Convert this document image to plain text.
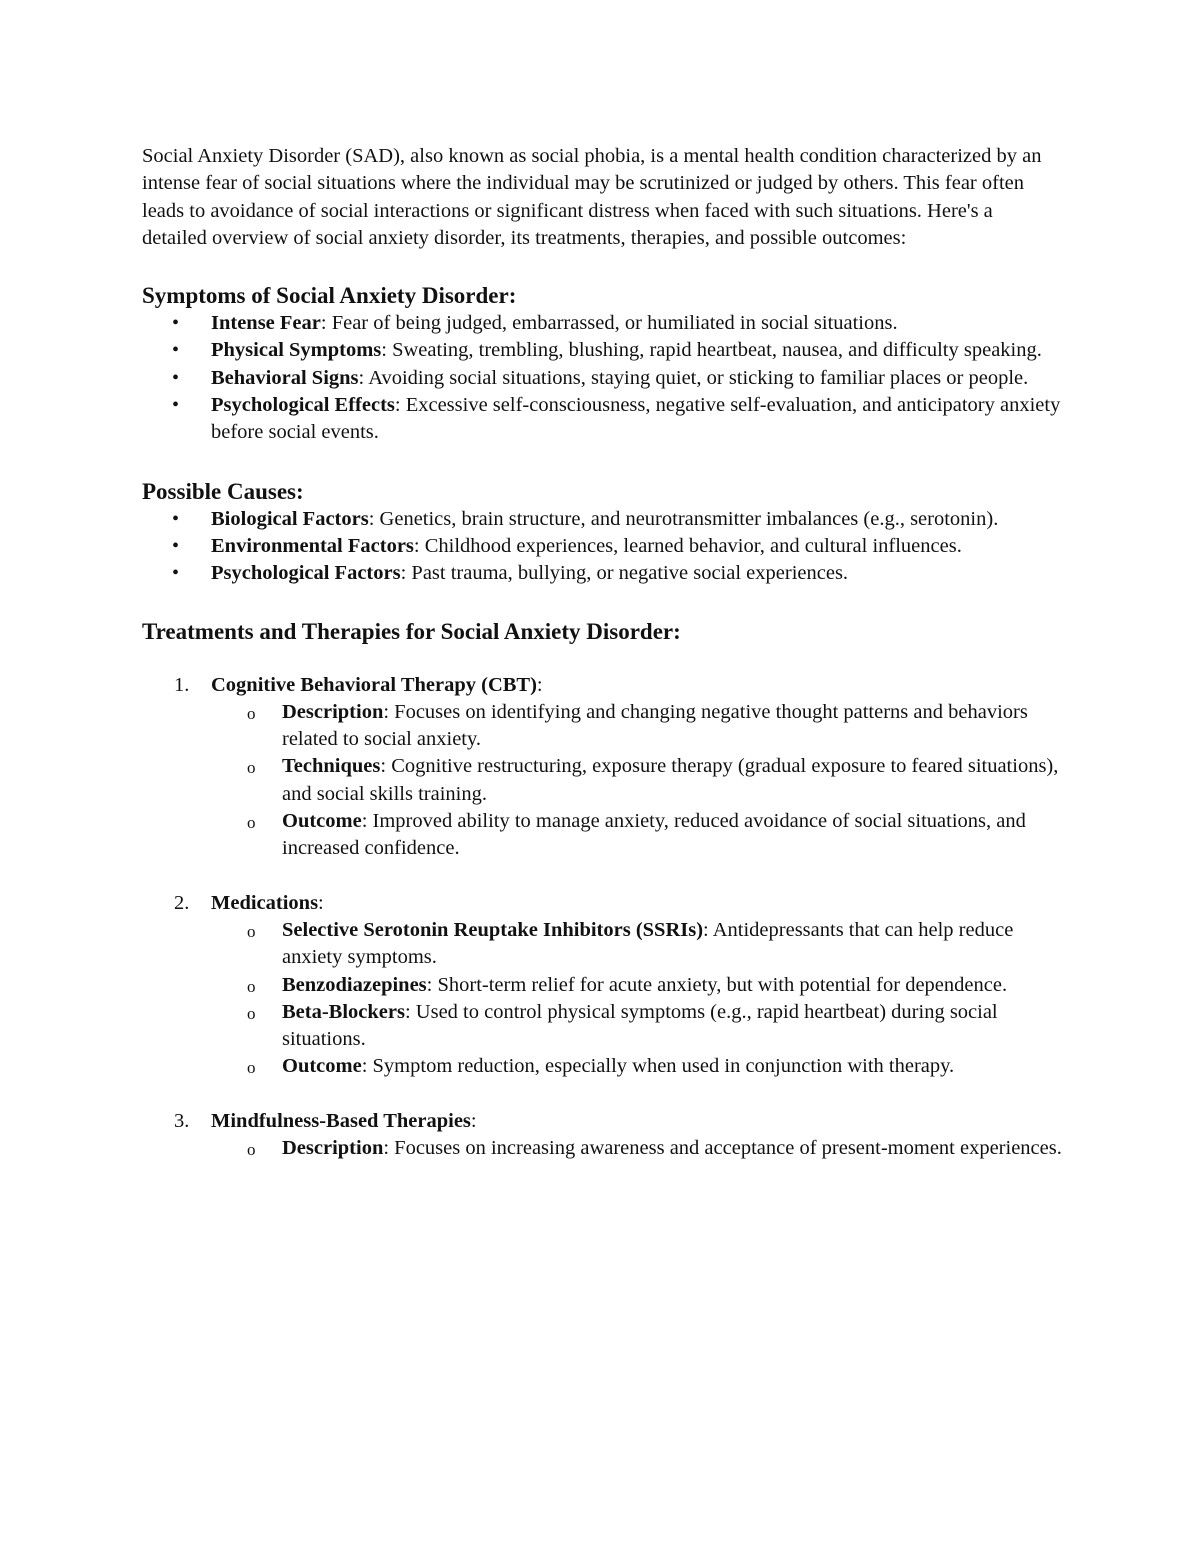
Social Anxiety Disorder (SAD), also known as social phobia, is a mental health condition characterized by an intense fear of social situations where the individual may be scrutinized or judged by others. This fear often leads to avoidance of social interactions or significant distress when faced with such situations. Here's a detailed overview of social anxiety disorder, its treatments, therapies, and possible outcomes:

Symptoms of Social Anxiety Disorder:
• Intense Fear: Fear of being judged, embarrassed, or humiliated in social situations.
• Physical Symptoms: Sweating, trembling, blushing, rapid heartbeat, nausea, and difficulty speaking.
• Behavioral Signs: Avoiding social situations, staying quiet, or sticking to familiar places or people.
• Psychological Effects: Excessive self-consciousness, negative self-evaluation, and anticipatory anxiety before social events.
Possible Causes:
• Biological Factors: Genetics, brain structure, and neurotransmitter imbalances (e.g., serotonin).
• Environmental Factors: Childhood experiences, learned behavior, and cultural influences.
• Psychological Factors: Past trauma, bullying, or negative social experiences.
Treatments and Therapies for Social Anxiety Disorder:
1. Cognitive Behavioral Therapy (CBT):
o Description: Focuses on identifying and changing negative thought patterns and behaviors related to social anxiety.
o Techniques: Cognitive restructuring, exposure therapy (gradual exposure to feared situations), and social skills training.
o Outcome: Improved ability to manage anxiety, reduced avoidance of social situations, and increased confidence.
2. Medications:
o Selective Serotonin Reuptake Inhibitors (SSRIs): Antidepressants that can help reduce anxiety symptoms.
o Benzodiazepines: Short-term relief for acute anxiety, but with potential for dependence.
o Beta-Blockers: Used to control physical symptoms (e.g., rapid heartbeat) during social situations.
o Outcome: Symptom reduction, especially when used in conjunction with therapy.
3. Mindfulness-Based Therapies:
o Description: Focuses on increasing awareness and acceptance of present-moment experiences.
